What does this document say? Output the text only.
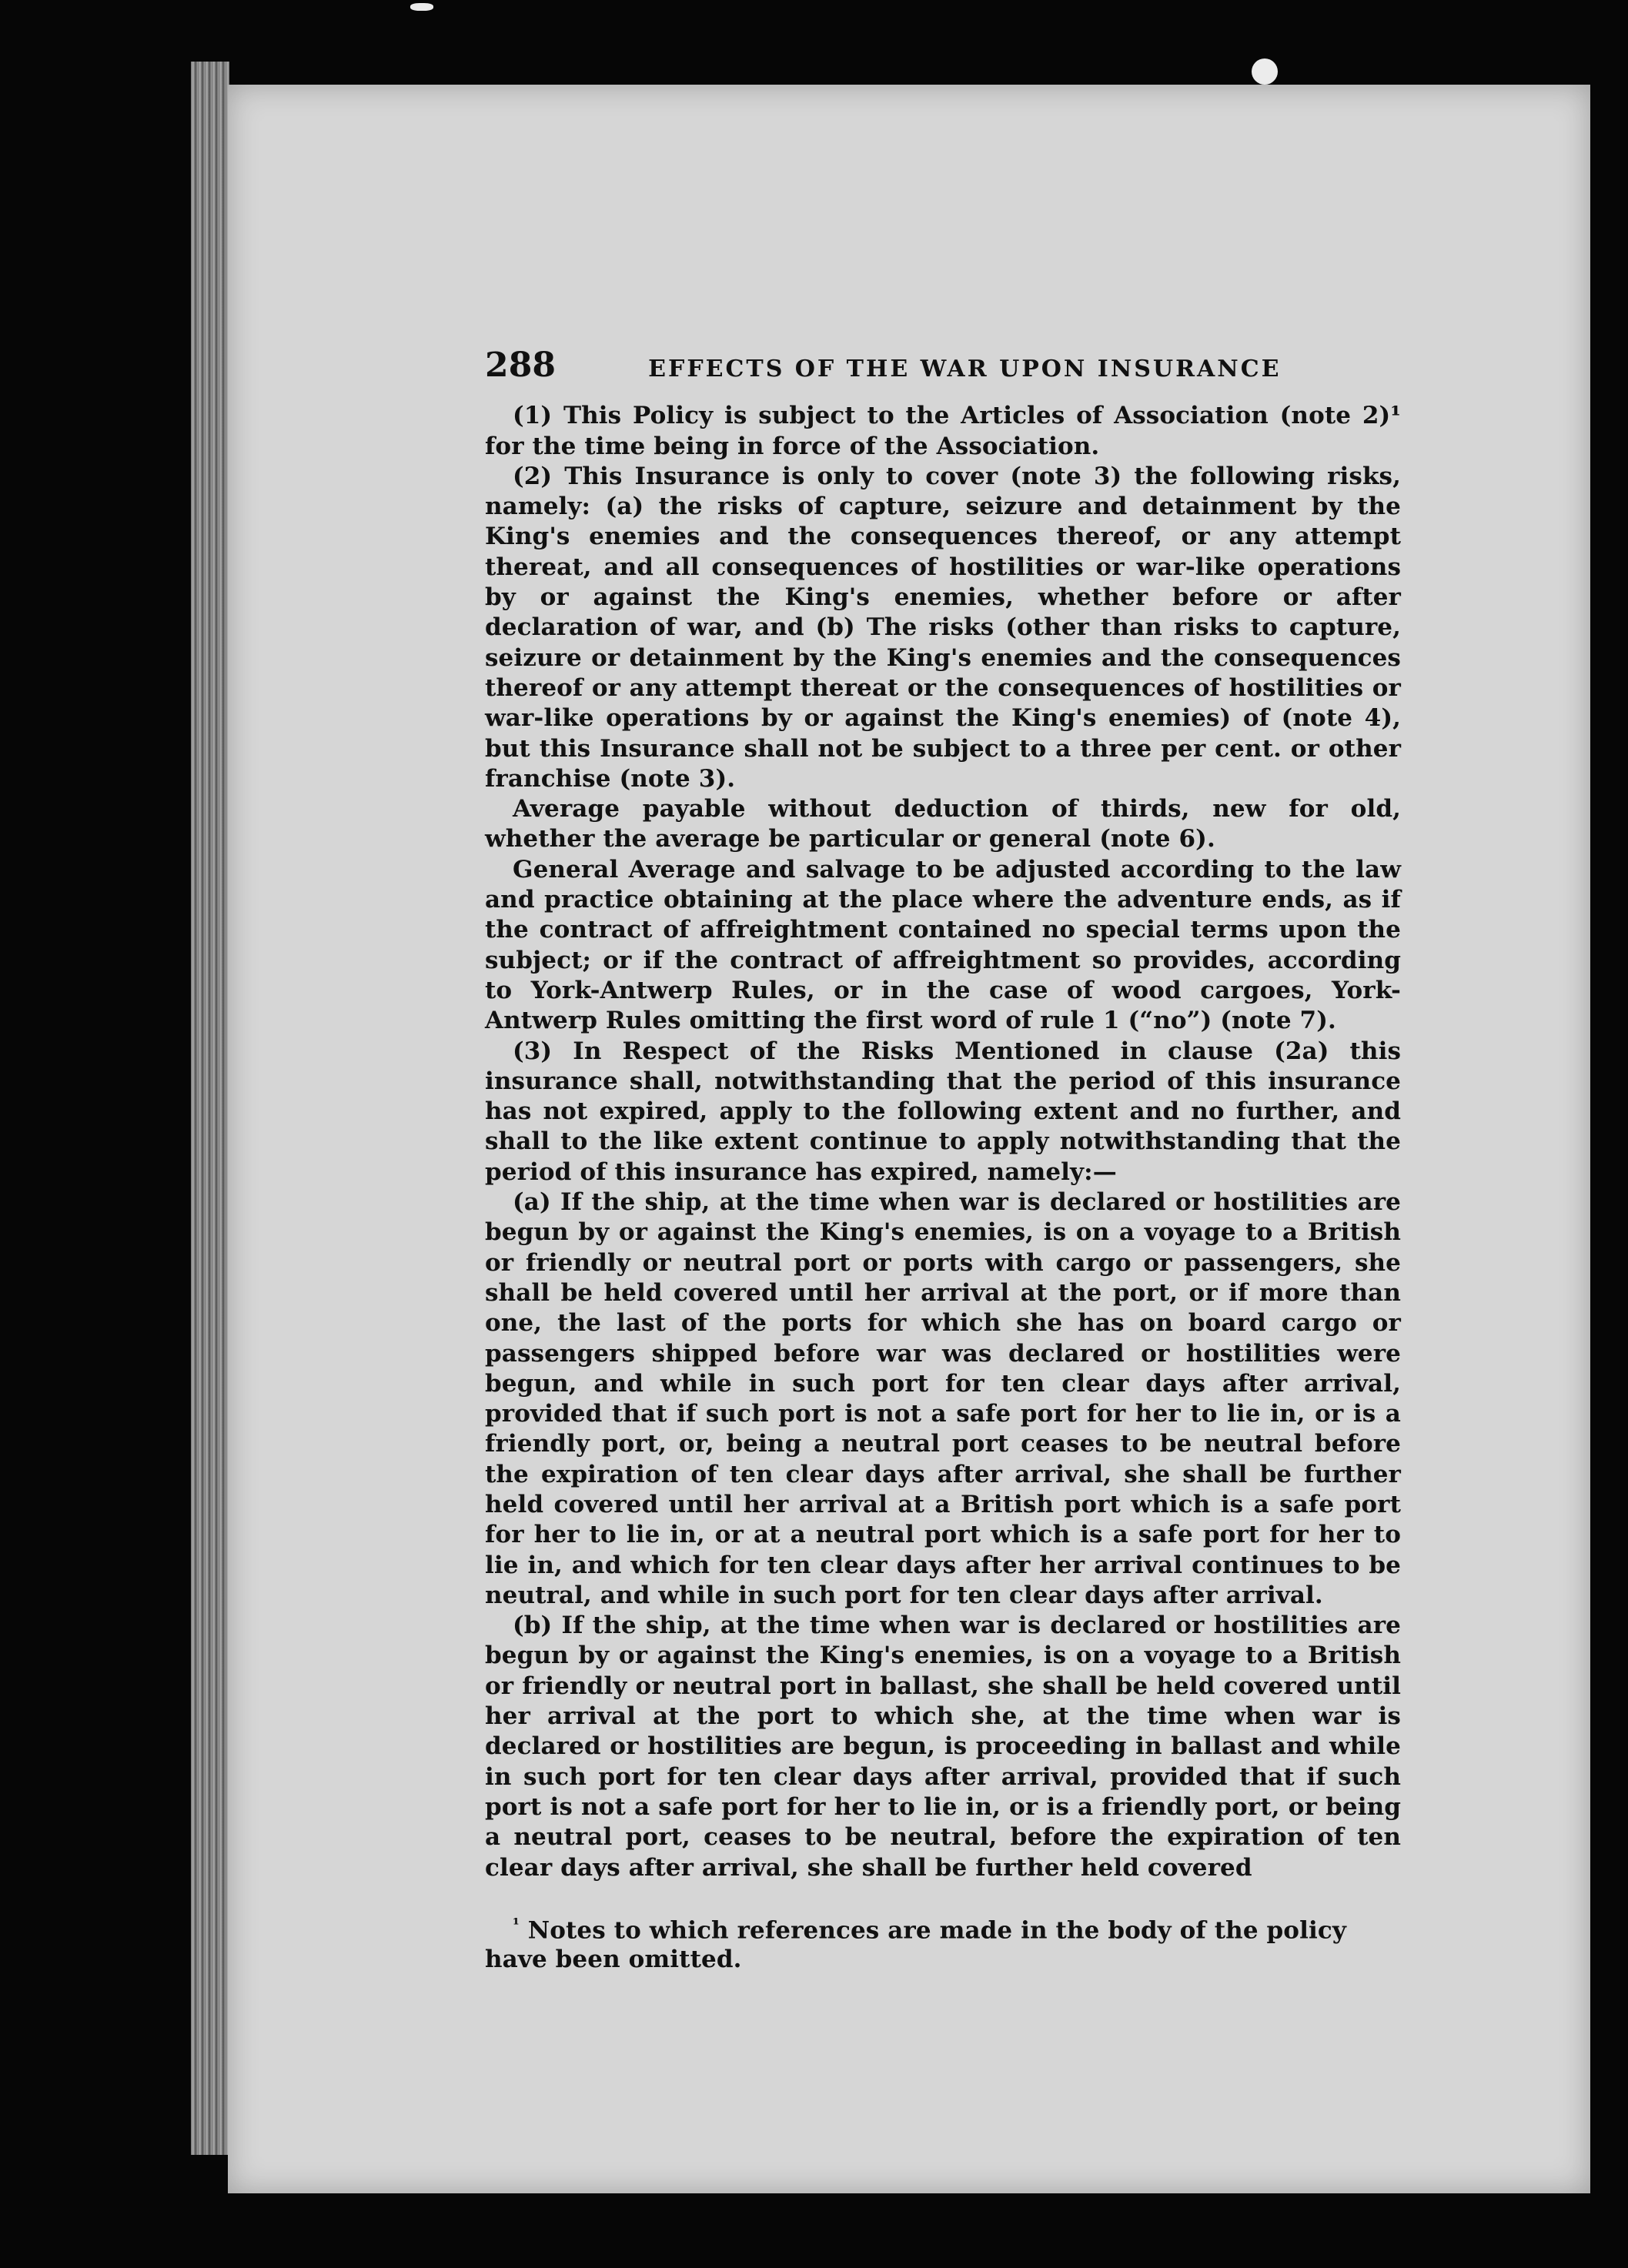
288	EFFECTS OF THE WAR UPON INSURANCE

(1) This Policy is subject to the Articles of Association (note 2)¹ for the time being in force of the Association.

(2) This Insurance is only to cover (note 3) the following risks, namely: (a) the risks of capture, seizure and detainment by the King's enemies and the consequences thereof, or any attempt thereat, and all consequences of hostilities or war-like operations by or against the King's enemies, whether before or after declaration of war, and (b) The risks (other than risks to capture, seizure or detainment by the King's enemies and the consequences thereof or any attempt thereat or the consequences of hostilities or war-like operations by or against the King's enemies) of (note 4), but this Insurance shall not be subject to a three per cent. or other franchise (note 3).

Average payable without deduction of thirds, new for old, whether the average be particular or general (note 6).

General Average and salvage to be adjusted according to the law and practice obtaining at the place where the adventure ends, as if the contract of affreightment contained no special terms upon the subject; or if the contract of affreightment so provides, according to York-Antwerp Rules, or in the case of wood cargoes, York-Antwerp Rules omitting the first word of rule 1 (“no”) (note 7).

(3) In Respect of the Risks Mentioned in clause (2a) this insurance shall, notwithstanding that the period of this insurance has not expired, apply to the following extent and no further, and shall to the like extent continue to apply notwithstanding that the period of this insurance has expired, namely:—

(a) If the ship, at the time when war is declared or hostilities are begun by or against the King's enemies, is on a voyage to a British or friendly or neutral port or ports with cargo or passengers, she shall be held covered until her arrival at the port, or if more than one, the last of the ports for which she has on board cargo or passengers shipped before war was declared or hostilities were begun, and while in such port for ten clear days after arrival, provided that if such port is not a safe port for her to lie in, or is a friendly port, or, being a neutral port ceases to be neutral before the expiration of ten clear days after arrival, she shall be further held covered until her arrival at a British port which is a safe port for her to lie in, or at a neutral port which is a safe port for her to lie in, and which for ten clear days after her arrival continues to be neutral, and while in such port for ten clear days after arrival.

(b) If the ship, at the time when war is declared or hostilities are begun by or against the King's enemies, is on a voyage to a British or friendly or neutral port in ballast, she shall be held covered until her arrival at the port to which she, at the time when war is declared or hostilities are begun, is proceeding in ballast and while in such port for ten clear days after arrival, provided that if such port is not a safe port for her to lie in, or is a friendly port, or being a neutral port, ceases to be neutral, before the expiration of ten clear days after arrival, she shall be further held covered

$^{^1}$ Notes to which references are made in the body of the policy have been omitted.
